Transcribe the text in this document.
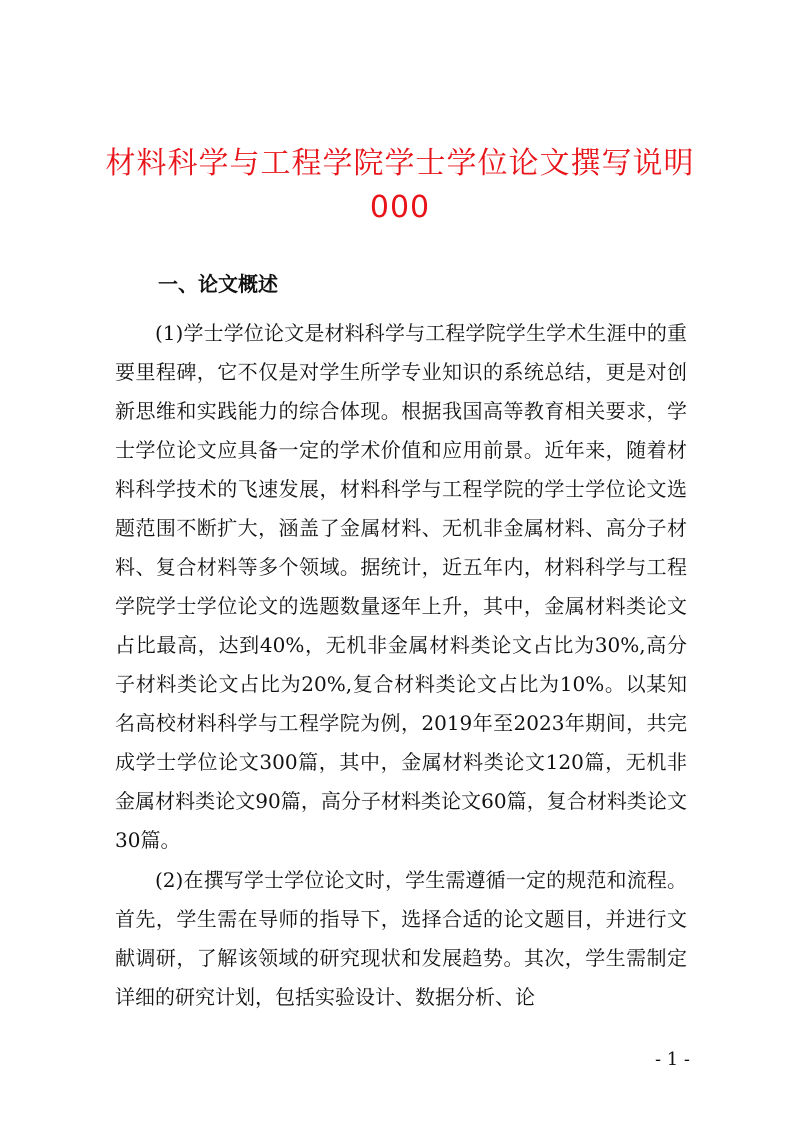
材料科学与工程学院学士学位论文撰写说明000
一、论文概述

(1)学士学位论文是材料科学与工程学院学生学术生涯中的重要里程碑，它不仅是对学生所学专业知识的系统总结，更是对创新思维和实践能力的综合体现。根据我国高等教育相关要求，学士学位论文应具备一定的学术价值和应用前景。近年来，随着材料科学技术的飞速发展，材料科学与工程学院的学士学位论文选题范围不断扩大，涵盖了金属材料、无机非金属材料、高分子材料、复合材料等多个领域。据统计，近五年内，材料科学与工程学院学士学位论文的选题数量逐年上升，其中，金属材料类论文占比最高，达到40%，无机非金属材料类论文占比为30%,高分子材料类论文占比为20%,复合材料类论文占比为10%。以某知名高校材料科学与工程学院为例，2019年至2023年期间，共完成学士学位论文300篇，其中，金属材料类论文120篇，无机非金属材料类论文90篇，高分子材料类论文60篇，复合材料类论文30篇。

(2)在撰写学士学位论文时，学生需遵循一定的规范和流程。首先，学生需在导师的指导下，选择合适的论文题目，并进行文献调研，了解该领域的研究现状和发展趋势。其次，学生需制定详细的研究计划，包括实验设计、数据分析、论

- 1 -
